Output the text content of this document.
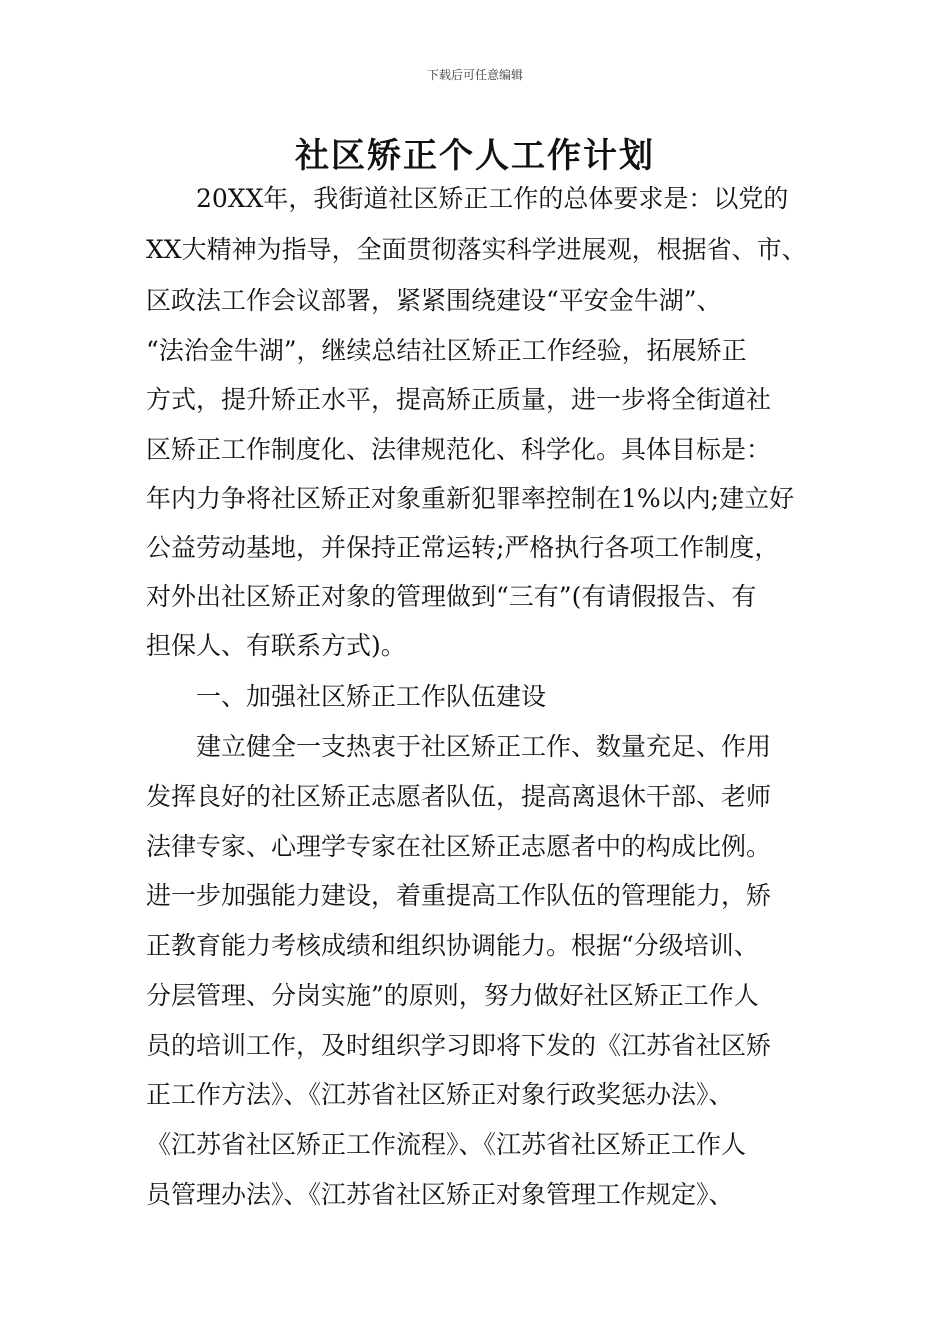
下载后可任意编辑
社区矫正个人工作计划
20XX年，我街道社区矫正工作的总体要求是：以党的
XX大精神为指导，全面贯彻落实科学进展观，根据省、市、
区政法工作会议部署，紧紧围绕建设“平安金牛湖”、
“法治金牛湖”，继续总结社区矫正工作经验，拓展矫正
方式，提升矫正水平，提高矫正质量，进一步将全街道社
区矫正工作制度化、法律规范化、科学化。具体目标是：
年内力争将社区矫正对象重新犯罪率控制在1%以内;建立好
公益劳动基地，并保持正常运转;严格执行各项工作制度，
对外出社区矫正对象的管理做到“三有”(有请假报告、有
担保人、有联系方式)。
一、加强社区矫正工作队伍建设
建立健全一支热衷于社区矫正工作、数量充足、作用
发挥良好的社区矫正志愿者队伍，提高离退休干部、老师
法律专家、心理学专家在社区矫正志愿者中的构成比例。
进一步加强能力建设，着重提高工作队伍的管理能力，矫
正教育能力考核成绩和组织协调能力。根据“分级培训、
分层管理、分岗实施”的原则，努力做好社区矫正工作人
员的培训工作，及时组织学习即将下发的《江苏省社区矫
正工作方法》、《江苏省社区矫正对象行政奖惩办法》、
《江苏省社区矫正工作流程》、《江苏省社区矫正工作人
员管理办法》、《江苏省社区矫正对象管理工作规定》、
